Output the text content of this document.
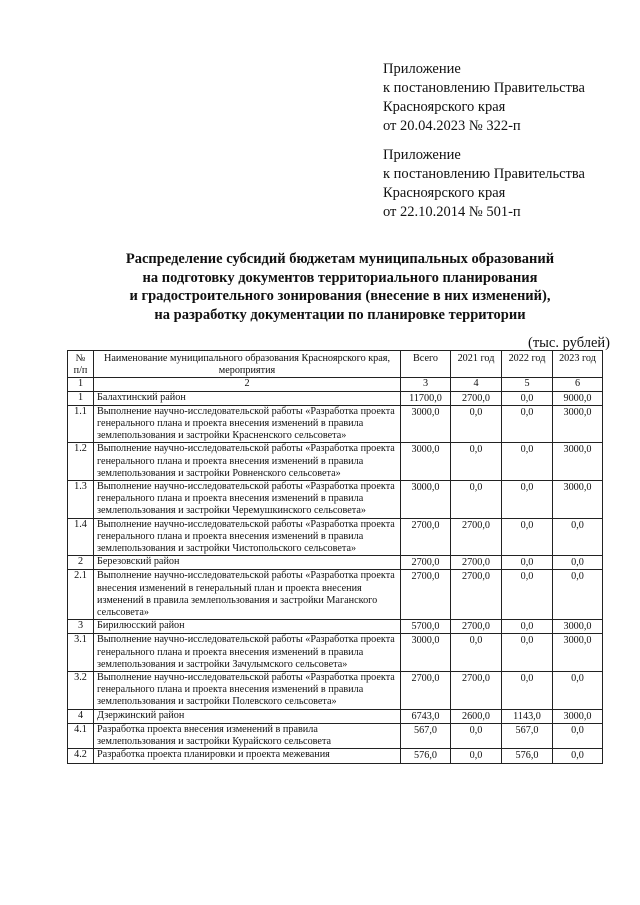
Приложение
к постановлению Правительства
Красноярского края
от 20.04.2023 № 322-п
Приложение
к постановлению Правительства
Красноярского края
от 22.10.2014 № 501-п
Распределение субсидий бюджетам муниципальных образований
на подготовку документов территориального планирования
и градостроительного зонирования (внесение в них изменений),
на разработку документации по планировке территории
(тыс. рублей)
№ п/п	Наименование муниципального образования Красноярского края, мероприятия	Всего	2021 год	2022 год	2023 год
1	2	3	4	5	6
1	Балахтинский район	11700,0	2700,0	0,0	9000,0
1.1	Выполнение научно-исследовательской работы «Разработка проекта генерального плана и проекта внесения изменений в правила землепользования и застройки Красненского сельсовета»	3000,0	0,0	0,0	3000,0
1.2	Выполнение научно-исследовательской работы «Разработка проекта генерального плана и проекта внесения изменений в правила землепользования и застройки Ровненского сельсовета»	3000,0	0,0	0,0	3000,0
1.3	Выполнение научно-исследовательской работы «Разработка проекта генерального плана и проекта внесения изменений в правила землепользования и застройки Черемушкинского сельсовета»	3000,0	0,0	0,0	3000,0
1.4	Выполнение научно-исследовательской работы «Разработка проекта генерального плана и проекта внесения изменений в правила землепользования и застройки Чистопольского сельсовета»	2700,0	2700,0	0,0	0,0
2	Березовский район	2700,0	2700,0	0,0	0,0
2.1	Выполнение научно-исследовательской работы «Разработка проекта внесения изменений в генеральный план и проекта внесения изменений в правила землепользования и застройки Маганского сельсовета»	2700,0	2700,0	0,0	0,0
3	Бирилюсский район	5700,0	2700,0	0,0	3000,0
3.1	Выполнение научно-исследовательской работы «Разработка проекта генерального плана и проекта внесения изменений в правила землепользования и застройки Зачулымского сельсовета»	3000,0	0,0	0,0	3000,0
3.2	Выполнение научно-исследовательской работы «Разработка проекта генерального плана и проекта внесения изменений в правила землепользования и застройки Полевского сельсовета»	2700,0	2700,0	0,0	0,0
4	Дзержинский район	6743,0	2600,0	1143,0	3000,0
4.1	Разработка проекта внесения изменений в правила землепользования и застройки Курайского сельсовета	567,0	0,0	567,0	0,0
4.2	Разработка проекта планировки и проекта межевания	576,0	0,0	576,0	0,0
